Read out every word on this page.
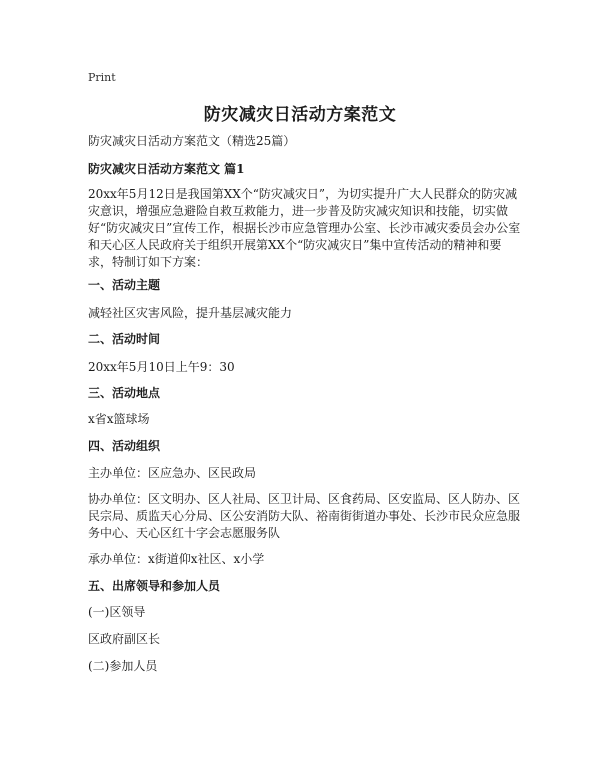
Print
防灾减灾日活动方案范文
防灾减灾日活动方案范文（精选25篇）
防灾减灾日活动方案范文 篇1
20xx年5月12日是我国第XX个“防灾减灾日”，为切实提升广大人民群众的防灾减灾意识，增强应急避险自救互救能力，进一步普及防灾减灾知识和技能，切实做好“防灾减灾日”宣传工作，根据长沙市应急管理办公室、长沙市减灾委员会办公室和天心区人民政府关于组织开展第XX个“防灾减灾日”集中宣传活动的精神和要求，特制订如下方案：
一、活动主题
减轻社区灾害风险，提升基层减灾能力
二、活动时间
20xx年5月10日上午9：30
三、活动地点
x省x篮球场
四、活动组织
主办单位：区应急办、区民政局
协办单位：区文明办、区人社局、区卫计局、区食药局、区安监局、区人防办、区民宗局、质监天心分局、区公安消防大队、裕南街街道办事处、长沙市民众应急服务中心、天心区红十字会志愿服务队
承办单位：x街道仰x社区、x小学
五、出席领导和参加人员
(一)区领导
区政府副区长
(二)参加人员
